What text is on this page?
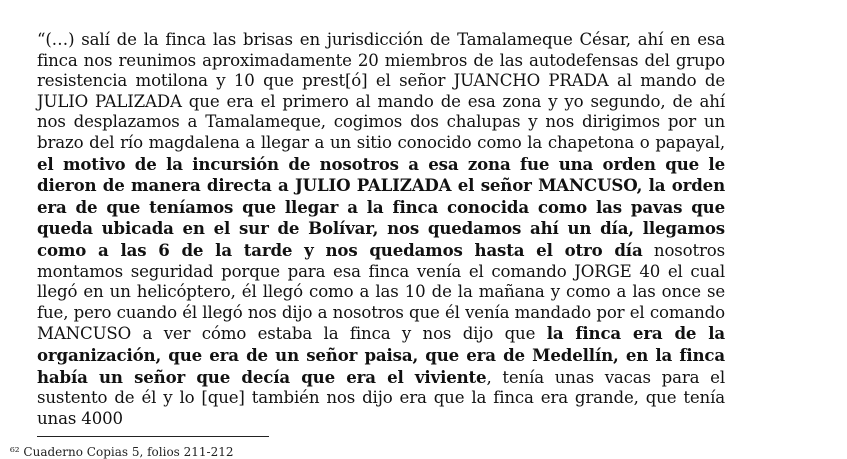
“(…) salí de la finca las brisas en jurisdicción de Tamalameque César, ahí en esa finca nos reunimos aproximadamente 20 miembros de las autodefensas del grupo resistencia motilona y 10 que prest[ó] el señor JUANCHO PRADA al mando de JULIO PALIZADA que era el primero al mando de esa zona y yo segundo, de ahí nos desplazamos a Tamalameque, cogimos dos chalupas y nos dirigimos por un brazo del río magdalena a llegar a un sitio conocido como la chapetona o papayal, el motivo de la incursión de nosotros a esa zona fue una orden que le dieron de manera directa a JULIO PALIZADA el señor MANCUSO, la orden era de que teníamos que llegar a la finca conocida como las pavas que queda ubicada en el sur de Bolívar, nos quedamos ahí un día, llegamos como a las 6 de la tarde y nos quedamos hasta el otro día nosotros montamos seguridad porque para esa finca venía el comando JORGE 40 el cual llegó en un helicóptero, él llegó como a las 10 de la mañana y como a las once se fue, pero cuando él llegó nos dijo a nosotros que él venía mandado por el comando MANCUSO a ver cómo estaba la finca y nos dijo que la finca era de la organización, que era de un señor paisa, que era de Medellín, en la finca había un señor que decía que era el viviente, tenía unas vacas para el sustento de él y lo [que] también nos dijo era que la finca era grande, que tenía unas 4000

⁶² Cuaderno Copias 5, folios 211-212
